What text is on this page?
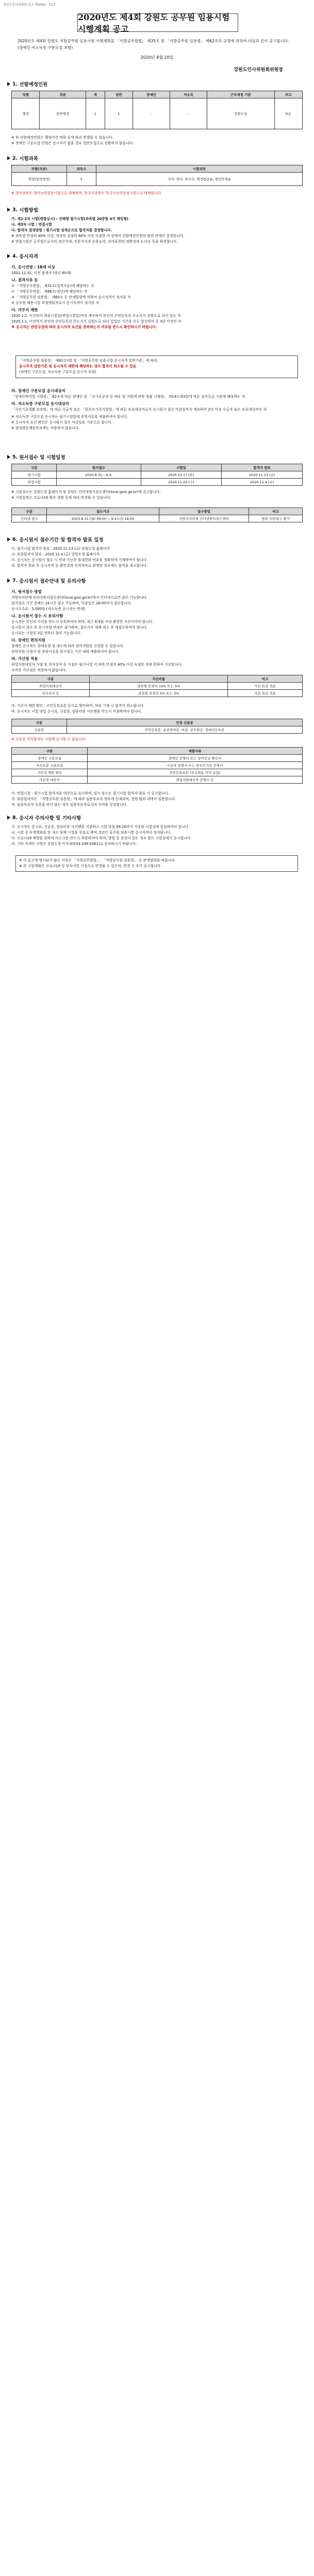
강원도인사위원회 공고 제2020 - 11호
2020년도 제4회 강원도 공무원 임용시험 시행계획 공고

2020년도 제4회 강원도 지방공무원 임용시험 시행계획을 「지방공무원법」 제35조 및 「지방공무원 임용령」 제62조의 규정에 의하여 다음과 같이 공고합니다.

(장애인·저소득층 구분모집 포함)

2020년 8월 20일
강원도인사위원회위원장
1. 선발예정인원
직렬	직류	계	일반	장애인	저소득	근무예정 기관	비고
행정	일반행정	1	1	-	-	강원도청	9급
※ 위 선발예정인원은 행정여건 변화 등에 따라 변경될 수 있습니다.
※ 장애인 구분모집 인원은 응시자가 없을 경우 일반모집으로 전환하지 않습니다.
2. 시험과목
직렬(직류)	과목수	시험과목
행정(일반행정)	5	국어, 영어, 한국사, 행정법총론, 행정학개론
※ 영어과목은 영어능력검정시험으로 대체하며, 한국사과목은 한국사능력검정시험으로 대체합니다.
3. 시험방법
가. 제1·2차 시험(병합실시) : 선택형 필기시험(과목별 20문항 4지 택일형)
나. 제3차 시험 : 면접시험
다. 합격자 결정방법 : 필기시험 성적순으로 합격자를 결정합니다.
※ 과목별 만점의 40% 이상, 전과목 총점의 60% 이상 득점한 자 중에서 선발예정인원의 범위 안에서 결정합니다.
※ 면접시험은 공무원으로서의 정신자세, 전문지식과 응용능력, 의사표현의 정확성과 논리성 등을 평정합니다.
4. 응시자격
가. 응시연령 : 18세 이상
2002.12.31. 이전 출생자 (정년 60세)
나. 결격사유 등
① 「지방공무원법」 제31조(결격사유)에 해당하는 자
② 「지방공무원법」 제66조(정년)에 해당하는 자
③ 「지방공무원 임용령」 제65조 등 관계법령에 의하여 응시자격이 정지된 자
④ 공무원 채용시험 부정행위자로서 응시자격이 정지된 자
다. 거주지 제한
2020.1.1. 이전부터 최종시험일(면접시험일)까지 계속하여 본인의 주민등록상 주소지가 강원도로 되어 있는 자
2020.1.1. 이전까지 본인의 주민등록상 주소지가 강원도로 되어 있었던 기간을 모두 합산하여 총 3년 이상인 자
※ 응시자는 관련규정에 따라 응시자격 요건을 충족하는지 여부를 반드시 확인하시기 바랍니다.
「지방공무원 임용령」 제62조의2 및 「지방공무원 임용시험 응시자격 일반기준」에 따라,
응시자격 일반기준 및 응시자격 제한에 해당하는 경우 합격이 취소될 수 있음
(장애인 구분모집, 저소득층 구분모집 응시자 포함)
라. 장애인 구분모집 응시대상자
「장애인복지법 시행령」 제2조에 따른 장애인 및 「국가유공자 등 예우 및 지원에 관한 법률 시행령」 제14조제3항에 따른 상이등급 기준에 해당하는 자
마. 저소득층 구분모집 응시대상자
「국민기초생활 보장법」에 따른 수급자 또는 「한부모가족지원법」에 따른 보호대상자로서 응시원서 접수 마감일까지 계속하여 2년 이상 수급자 또는 보호대상자인 자
※ 저소득층 구분모집 응시자는 필기시험일에 증명서류를 제출하여야 합니다.
※ 응시자격 요건 확인은 응시원서 접수 마감일을 기준으로 합니다.
※ 양성평등채용목표제는 적용하지 않습니다.
5. 원서접수 및 시험일정
구분	원서접수	시험일	합격자 발표
필기시험	2020.8.31.~9.4.	2020.10.17.(토)	2020.11.13.(금)
면접시험	-	2020.11.25.(수)	2020.12.4.(금)
※ 시험장소는 강원도청 홈페이지 및 강원도 인터넷원서접수센터(local.gosi.go.kr)에 공고합니다.
※ 시험일정은 코로나19 확산 상황 등에 따라 변경될 수 있습니다.
구분	접수기간	접수방법	비고
인터넷 접수	2020.8.31.(월) 09:00 ~ 9.4.(금) 18:00	지방자치단체 인터넷원서접수센터	방문·우편접수 불가
6. 응시원서 접수기간 및 합격자 발표 일정
가. 필기시험 합격자 발표 : 2020.11.13.(금) 강원도청 홈페이지
나. 최종합격자 발표 : 2020.12.4.(금) 강원도청 홈페이지
다. 응시자는 응시원서 접수 시 연락 가능한 휴대전화 번호를 정확하게 기재하여야 합니다.
라. 합격자 발표 후 응시자격 등 확인결과 부적격자로 판명된 경우에는 합격을 취소합니다.
7. 응시원서 접수안내 및 유의사항
가. 원서접수 방법
지방자치단체 인터넷원서접수센터(local.gosi.go.kr)에서 인터넷으로만 접수 가능합니다.
원서접수 기간 중에는 24시간 접수 가능하며, 마감일은 18:00까지 접수합니다.
응시수수료 : 5,000원 (저소득층 응시자는 면제)
나. 응시원서 접수 시 유의사항
응시자는 본인의 사진을 반드시 등록하여야 하며, 최근 6개월 이내 촬영한 사진이어야 합니다.
응시원서 접수 후 응시직렬 변경은 불가하며, 접수기간 내에 취소 후 재접수하여야 합니다.
응시표는 시험일 3일 전부터 출력 가능합니다.
다. 장애인 편의지원
장애인 응시자는 장애유형 및 정도에 따라 편의지원을 신청할 수 있습니다.
편의지원 신청서 및 증빙서류를 원서접수 기간 내에 제출하여야 합니다.
라. 가산점 적용
취업지원대상자 가점 및 의사상자 등 가점은 필기시험 각 과목 만점의 40% 이상 득점한 자에 한하여 가산합니다.
자격증 가산점은 적용하지 않습니다.
구분	가산비율	비고
취업지원대상자	과목별 만점의 10% 또는 5%	가산 특전 적용
의사상자 등	과목별 만점의 5% 또는 3%	가산 특전 적용
마. 거주지 제한 확인 : 주민등록초본 등으로 확인하며, 허위 기재 시 합격이 취소됩니다.
바. 응시자는 시험 당일 응시표, 신분증, 컴퓨터용 사인펜을 반드시 지참하여야 합니다.
구분	인정 신분증
신분증	주민등록증, 운전면허증, 여권, 공무원증, 장애인등록증
※ 신분증 미지참자는 시험에 응시할 수 없습니다.
구분	제출서류
장애인 구분모집	장애인 증명서 또는 상이등급 확인서
저소득층 구분모집	수급자 증명서 또는 한부모가족 증명서
거주지 제한 확인	주민등록초본 (주소변동 이력 포함)
가산점 대상자	취업지원대상자 증명서 등
아. 면접시험 : 필기시험 합격자를 대상으로 실시하며, 일시·장소는 필기시험 합격자 발표 시 공고합니다.
자. 최종합격자는 「지방공무원 임용령」에 따라 임용후보자 명부에 등재되며, 결원 범위 내에서 임용합니다.
차. 임용후보자 등록을 하지 않는 경우 임용후보자로서의 자격을 상실합니다.
8. 응시자 주의사항 및 기타사항
가. 응시자는 응시표, 신분증, 컴퓨터용 사인펜을 지참하고 시험 당일 09:20까지 지정된 시험실에 입실하여야 합니다.
나. 시험 중 부정행위를 한 자는 당해 시험을 무효로 하며, 5년간 공무원 임용시험 응시자격이 정지됩니다.
다. 코로나19 예방을 위하여 마스크를 반드시 착용하여야 하며, 발열 등 증상이 있는 경우 별도 시험실에서 응시합니다.
라. 기타 자세한 사항은 강원도청 인사과(033-249-2061)로 문의하시기 바랍니다.
※ 이 공고에 명시되지 않은 사항은 「지방공무원법」, 「지방공무원 임용령」 등 관계법령을 따릅니다.
※ 본 시험계획은 코로나19 등 부득이한 사정으로 변경될 수 있으며, 변경 시 추가 공고합니다.
